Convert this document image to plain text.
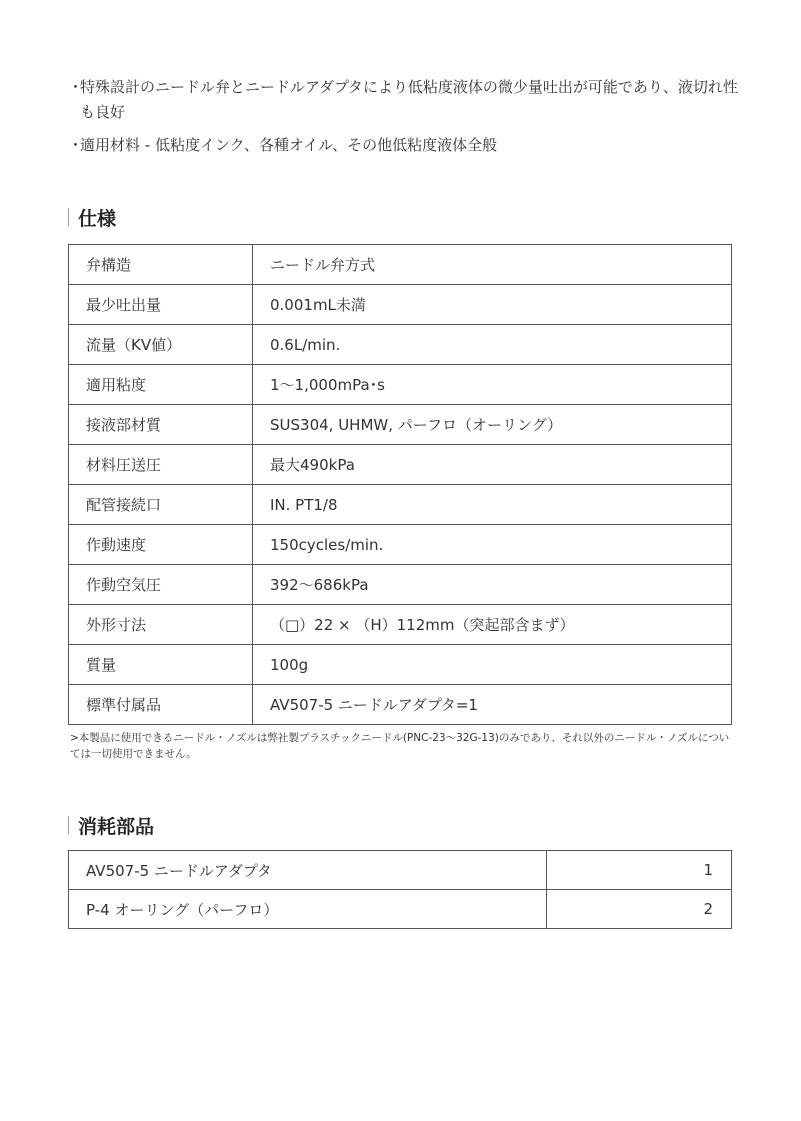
・
特殊設計のニードル弁とニードルアダプタにより低粘度液体の微少量吐出が可能であり、液切れ性も良好
・
適用材料 - 低粘度インク、各種オイル、その他低粘度液体全般
仕様
弁構造	ニードル弁方式
最少吐出量	0.001mL未満
流量（KV値）	0.6L/min.
適用粘度	1〜1,000mPa･s
接液部材質	SUS304, UHMW, パーフロ（オーリング）
材料圧送圧	最大490kPa
配管接続口	IN. PT1/8
作動速度	150cycles/min.
作動空気圧	392〜686kPa
外形寸法	（□）22 × （H）112mm（突起部含まず）
質量	100g
標準付属品	AV507-5 ニードルアダプタ=1
>本製品に使用できるニードル・ノズルは弊社製プラスチックニードル(PNC-23〜32G-13)のみであり、それ以外のニードル・ノズルについては一切使用できません。
消耗部品
AV507-5 ニードルアダプタ	1
P-4 オーリング（パーフロ）	2
